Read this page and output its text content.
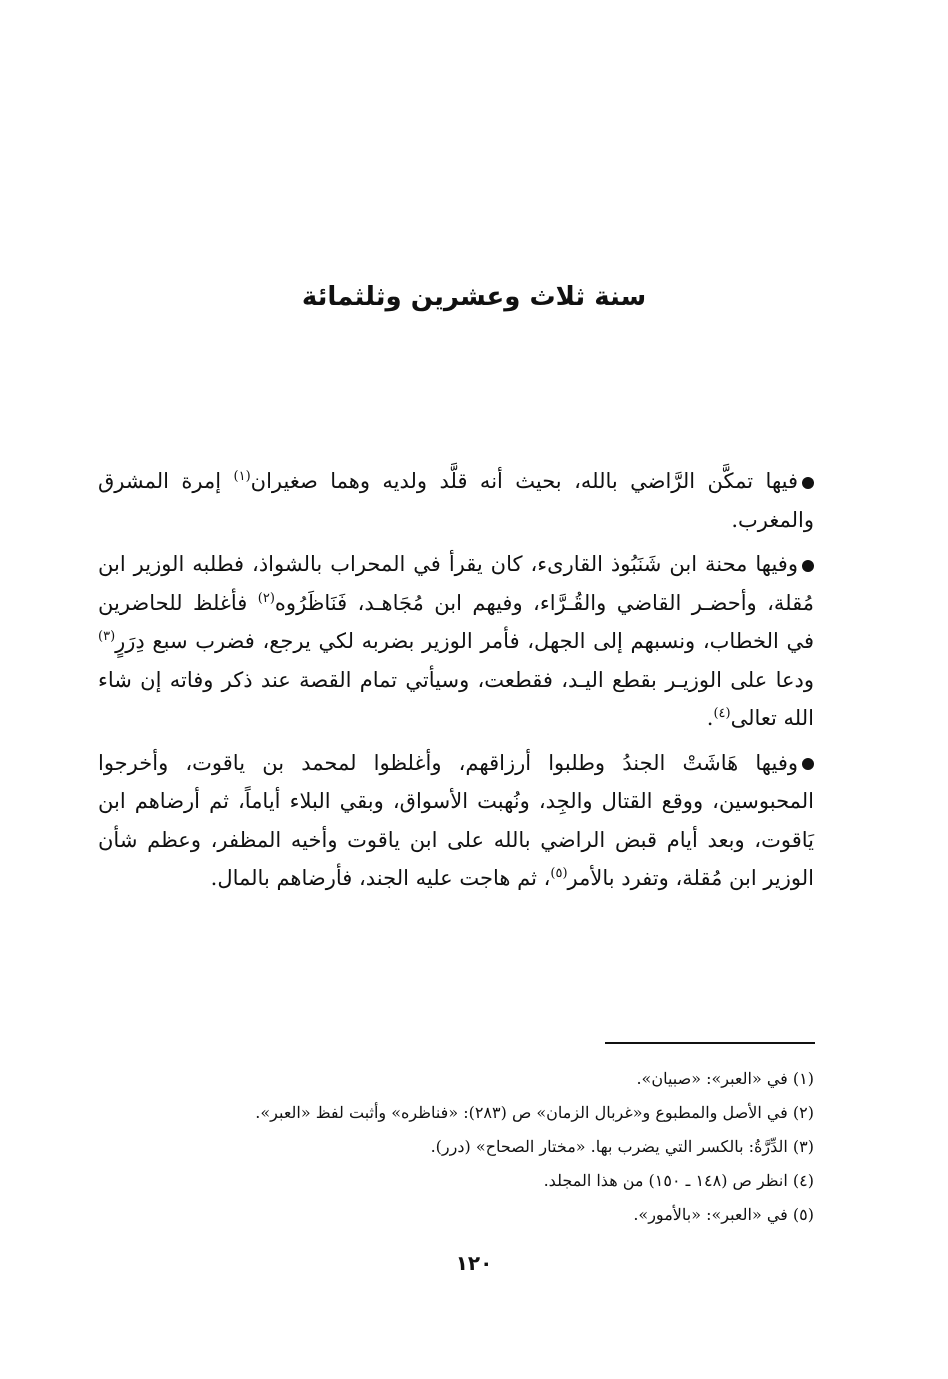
سنة ثلاث وعشرين وثلثمائة

فيها تمكَّن الرَّاضي بالله، بحيث أنه قلَّد ولديه وهما صغيران$^{(١)}$ إمرة المشرق والمغرب.

وفيها محنة ابن شَنَبُوذ القارىء، كان يقرأ في المحراب بالشواذ، فطلبه الوزير ابن مُقلة، وأحضـر القاضي والقُـرَّاء، وفيهم ابن مُجَاهـد، فَنَاظَرُوه$^{(٢)}$ فأغلظ للحاضرين في الخطاب، ونسبهم إلى الجهل، فأمر الوزير بضربه لكي يرجع، فضرب سبع دِرَرٍ$^{(٣)}$ ودعا على الوزيـر بقطع اليـد، فقطعت، وسيأتي تمام القصة عند ذكر وفاته إن شاء الله تعالى$^{(٤)}$.

وفيها هَاشَتْ الجندُ وطلبوا أرزاقهم، وأغلظوا لمحمد بن ياقوت، وأخرجوا المحبوسين، ووقع القتال والجِد، ونُهبت الأسواق، وبقي البلاء أياماً، ثم أرضاهم ابن يَاقوت، وبعد أيام قبض الراضي بالله على ابن ياقوت وأخيه المظفر، وعظم شأن الوزير ابن مُقلة، وتفرد بالأمر$^{(٥)}$، ثم هاجت عليه الجند، فأرضاهم بالمال.

(١) في «العبر»: «صبيان».
(٢) في الأصل والمطبوع و«غربال الزمان» ص (٢٨٣): «فناظره» وأثبت لفظ «العبر».
(٣) الدِّرَّةُ: بالكسر التي يضرب بها. «مختار الصحاح» (درر).
(٤) انظر ص (١٤٨ ـ ١٥٠) من هذا المجلد.
(٥) في «العبر»: «بالأمور».
١٢٠
